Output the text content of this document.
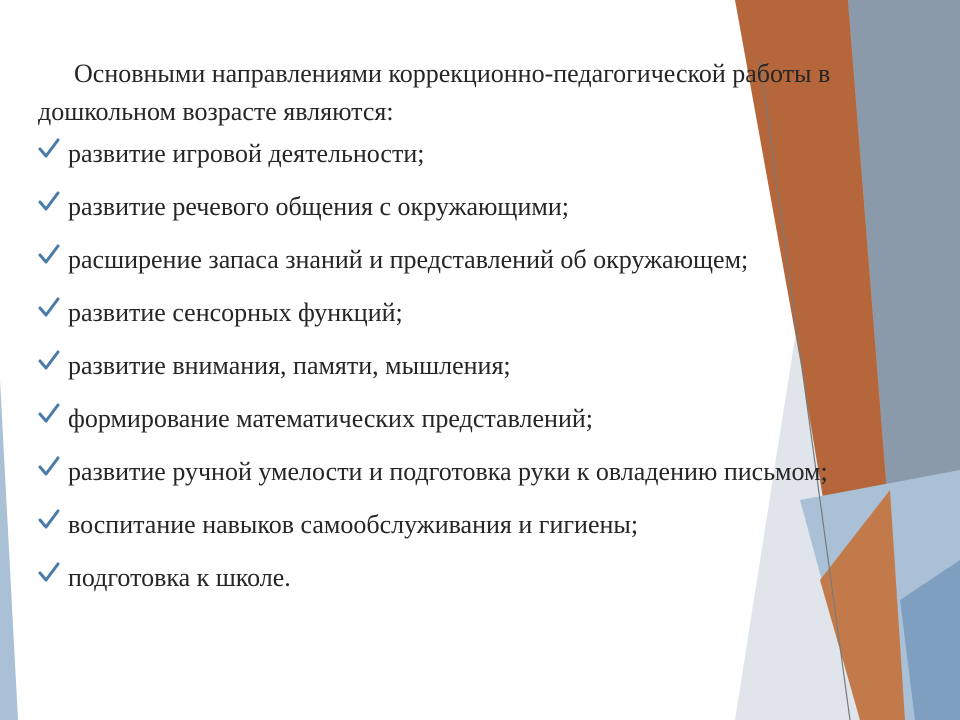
Основными направлениями коррекционно-педагогической работы в дошкольном возрасте являются:

развитие игровой деятельности;
развитие речевого общения с окружающими;
расширение запаса знаний и представлений об окружающем;
развитие сенсорных функций;
развитие внимания, памяти, мышления;
формирование математических представлений;
развитие ручной умелости и подготовка руки к овладению письмом;
воспитание навыков самообслуживания и гигиены;
подготовка к школе.
